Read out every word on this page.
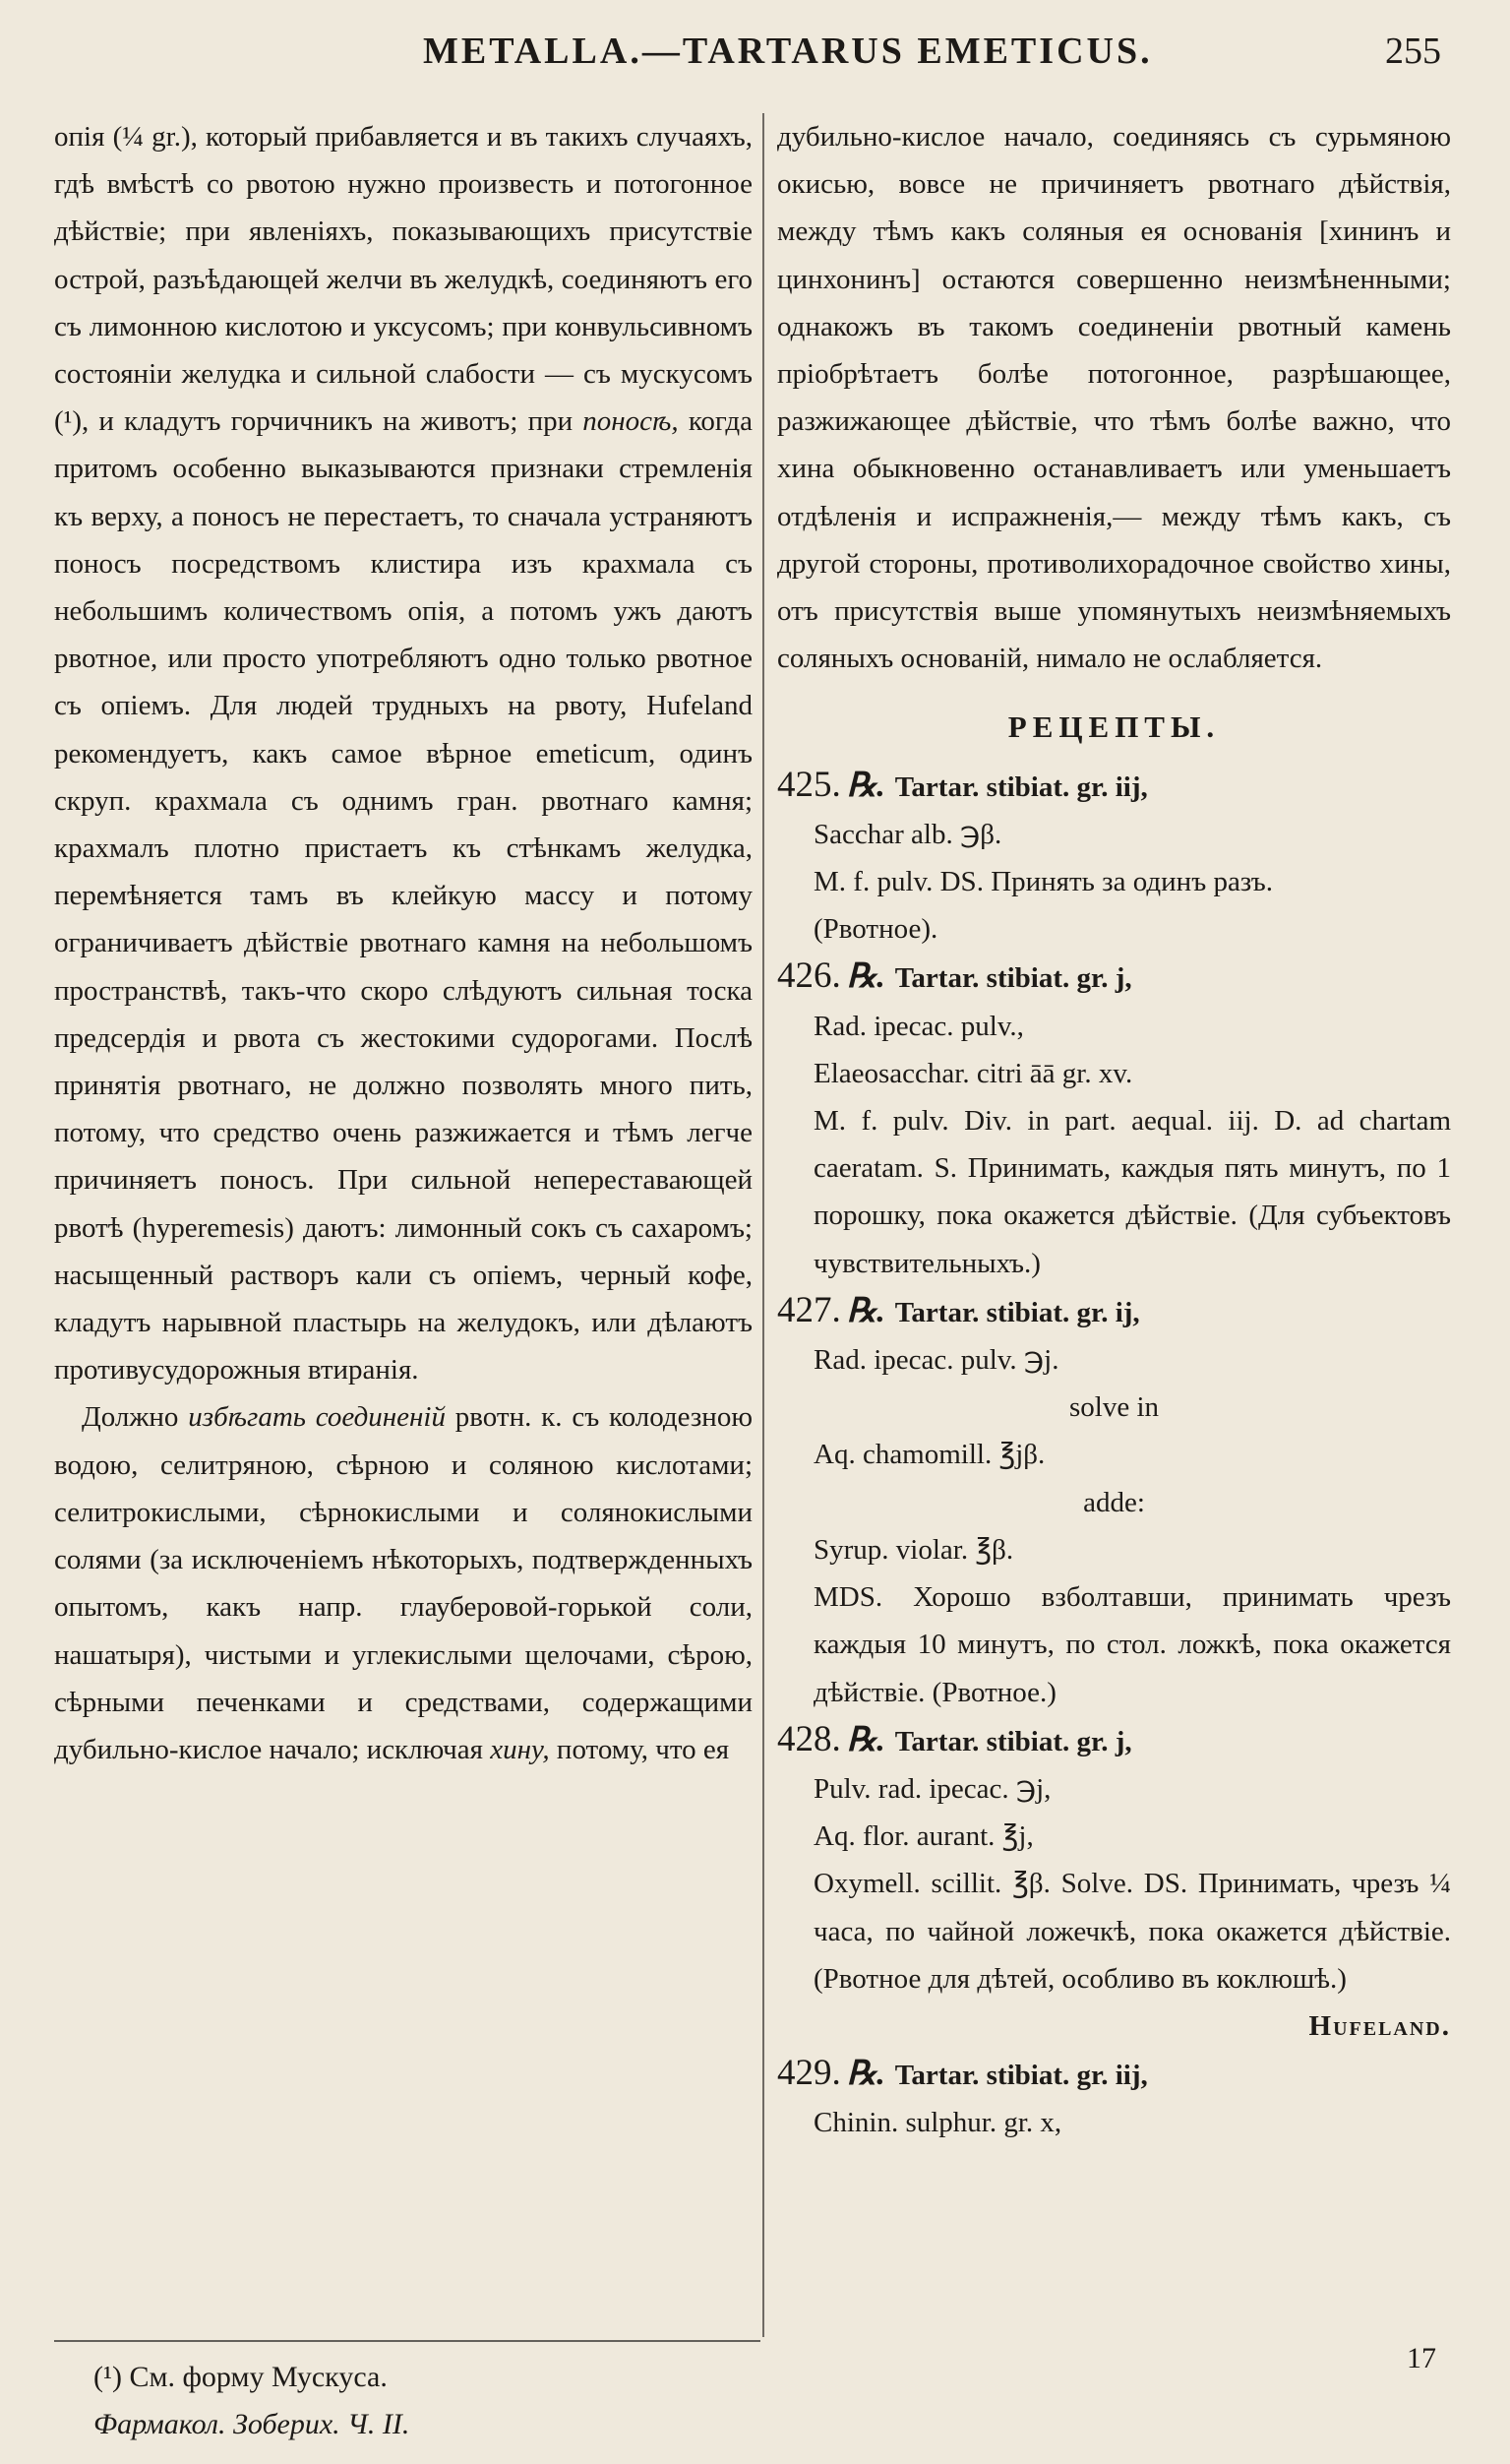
METALLA.—TARTARUS EMETICUS.	255

опія (¼ gr.), который прибавляется и въ такихъ случаяхъ, гдѣ вмѣстѣ со рвотою нужно произвесть и потогонное дѣйствіе; при явленіяхъ, показывающихъ присутствіе острой, разъѣдающей желчи въ желудкѣ, соединяютъ его съ лимонною кислотою и уксусомъ; при конвульсивномъ состояніи желудка и сильной слабости — съ мускусомъ (¹), и кладутъ горчичникъ на животъ; при поносѣ, когда притомъ особенно выказываются признаки стремленія къ верху, а поносъ не перестаетъ, то сначала устраняютъ поносъ посредствомъ клистира изъ крахмала съ небольшимъ количествомъ опія, а потомъ ужъ даютъ рвотное, или просто употребляютъ одно только рвотное съ опіемъ. Для людей трудныхъ на рвоту, Hufeland рекомендуетъ, какъ самое вѣрное emeticum, одинъ скруп. крахмала съ однимъ гран. рвотнаго камня; крахмалъ плотно пристаетъ къ стѣнкамъ желудка, перемѣняется тамъ въ клейкую массу и потому ограничиваетъ дѣйствіе рвотнаго камня на небольшомъ пространствѣ, такъ-что скоро слѣдуютъ сильная тоска предсердія и рвота съ жестокими судорогами. Послѣ принятія рвотнаго, не должно позволять много пить, потому, что средство очень разжижается и тѣмъ легче причиняетъ поносъ. При сильной непереставающей рвотѣ (hyperemesis) даютъ: лимонный сокъ съ сахаромъ; насыщенный растворъ кали съ опіемъ, черный кофе, кладутъ нарывной пластырь на желудокъ, или дѣлаютъ противусудорожныя втиранія.

Должно избѣгать соединеній рвотн. к. съ колодезною водою, селитряною, сѣрною и соляною кислотами; селитрокислыми, сѣрнокислыми и солянокислыми солями (за исключеніемъ нѣкоторыхъ, подтвержденныхъ опытомъ, какъ напр. глауберовой-горькой соли, нашатыря), чистыми и углекислыми щелочами, сѣрою, сѣрными печенками и средствами, содержащими дубильно-кислое начало; исключая хину, потому, что ея

дубильно-кислое начало, соединяясь съ сурьмяною окисью, вовсе не причиняетъ рвотнаго дѣйствія, между тѣмъ какъ соляныя ея основанія [хининъ и цинхонинъ] остаются совершенно неизмѣненными; однакожъ въ такомъ соединеніи рвотный камень пріобрѣтаетъ болѣе потогонное, разрѣшающее, разжижающее дѣйствіе, что тѣмъ болѣе важно, что хина обыкновенно останавливаетъ или уменьшаетъ отдѣленія и испражненія,— между тѣмъ какъ, съ другой стороны, противолихорадочное свойство хины, отъ присутствія выше упомянутыхъ неизмѣняемыхъ соляныхъ основаній, нимало не ослабляется.

РЕЦЕПТЫ.

425. ℞. Tartar. stibiat. gr. iij,

Sacchar alb. ℈β.

M. f. pulv. DS. Принять за одинъ разъ.

(Рвотное).

426. ℞. Tartar. stibiat. gr. j,

Rad. ipecac. pulv.,

Elaeosacchar. citri āā gr. xv.

M. f. pulv. Div. in part. aequal. iij. D. ad chartam caeratam. S. Принимать, каждыя пять минутъ, по 1 порошку, пока окажется дѣйствіе. (Для субъектовъ чувствительныхъ.)

427. ℞. Tartar. stibiat. gr. ij,

Rad. ipecac. pulv. ℈j.

solve in

Aq. chamomill. ℥jβ.

adde:

Syrup. violar. ℥β.

MDS. Хорошо взболтавши, принимать чрезъ каждыя 10 минутъ, по стол. ложкѣ, пока окажется дѣйствіе. (Рвотное.)

428. ℞. Tartar. stibiat. gr. j,

Pulv. rad. ipecac. ℈j,

Aq. flor. aurant. ℥j,

Oxymell. scillit. ℥β. Solve. DS. Принимать, чрезъ ¼ часа, по чайной ложечкѣ, пока окажется дѣйствіе. (Рвотное для дѣтей, особливо въ коклюшѣ.)

Hufeland.

429. ℞. Tartar. stibiat. gr. iij,

Chinin. sulphur. gr. x,

(¹) См. форму Мускуса.

Фармакол. Зоберих. Ч. II.

17
